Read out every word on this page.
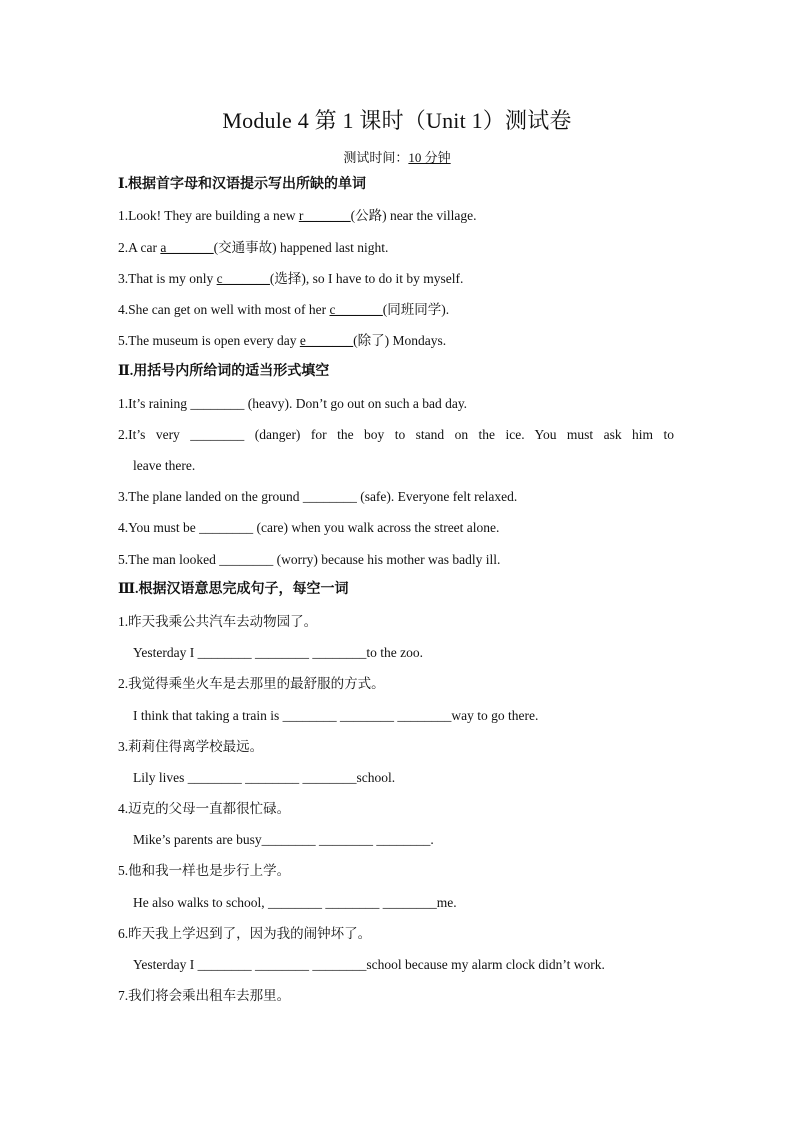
Module 4 第 1 课时（Unit 1）测试卷
测试时间：10 分钟
Ⅰ.根据首字母和汉语提示写出所缺的单词
1.Look! They are building a new r_______(公路) near the village.
2.A car a_______(交通事故) happened last night.
3.That is my only c_______(选择), so I have to do it by myself.
4.She can get on well with most of her c_______(同班同学).
5.The museum is open every day e_______(除了) Mondays.
Ⅱ.用括号内所给词的适当形式填空
1.It’s raining ________ (heavy). Don’t go out on such a bad day.
2.It’s very ________ (danger) for the boy to stand on the ice. You must ask him to
leave there.
3.The plane landed on the ground ________ (safe). Everyone felt relaxed.
4.You must be ________ (care) when you walk across the street alone.
5.The man looked ________ (worry) because his mother was badly ill.
Ⅲ.根据汉语意思完成句子，每空一词
1.昨天我乘公共汽车去动物园了。
Yesterday I ________ ________ ________to the zoo.
2.我觉得乘坐火车是去那里的最舒服的方式。
I think that taking a train is ________ ________ ________way to go there.
3.莉莉住得离学校最远。
Lily lives ________ ________ ________school.
4.迈克的父母一直都很忙碌。
Mike’s parents are busy________ ________ ________.
5.他和我一样也是步行上学。
He also walks to school, ________ ________ ________me.
6.昨天我上学迟到了，因为我的闹钟坏了。
Yesterday I ________ ________ ________school because my alarm clock didn’t work.
7.我们将会乘出租车去那里。
